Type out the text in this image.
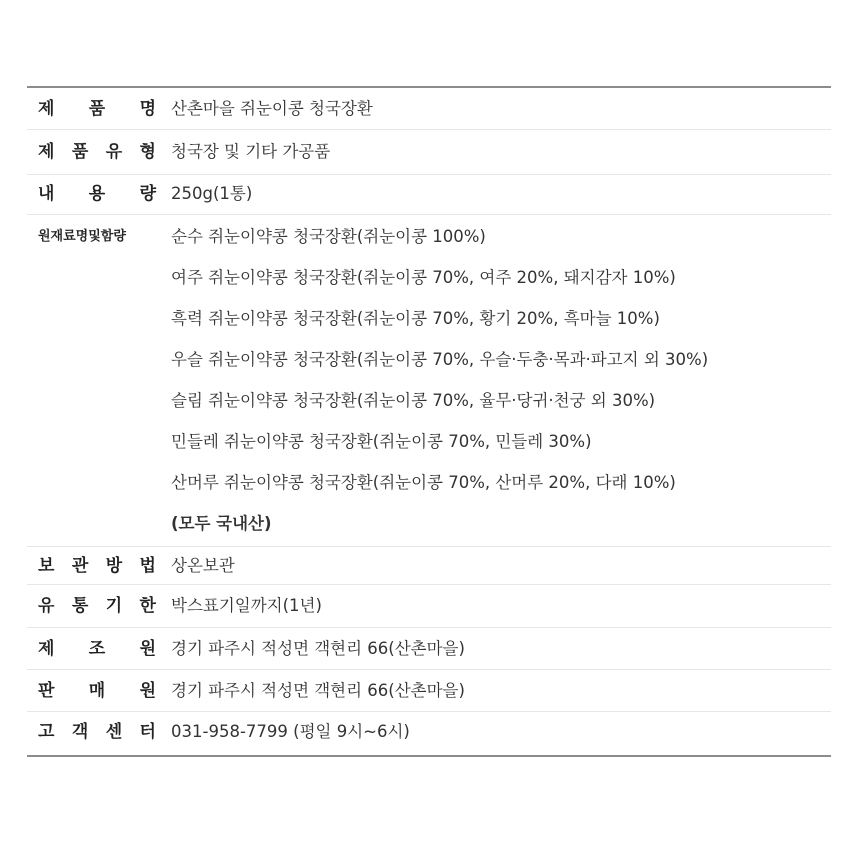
제 품 명 산촌마을 쥐눈이콩 청국장환
제 품 유 형 청국장 및 기타 가공품
내 용 량 250g(1통)
원재료명및함량	순수 쥐눈이약콩 청국장환(쥐눈이콩 100%)
여주 쥐눈이약콩 청국장환(쥐눈이콩 70%, 여주 20%, 돼지감자 10%)
흑력 쥐눈이약콩 청국장환(쥐눈이콩 70%, 황기 20%, 흑마늘 10%)
우슬 쥐눈이약콩 청국장환(쥐눈이콩 70%, 우슬·두충·목과·파고지 외 30%)
슬림 쥐눈이약콩 청국장환(쥐눈이콩 70%, 율무·당귀·천궁 외 30%)
민들레 쥐눈이약콩 청국장환(쥐눈이콩 70%, 민들레 30%)
산머루 쥐눈이약콩 청국장환(쥐눈이콩 70%, 산머루 20%, 다래 10%)
(모두 국내산)
보 관 방 법 상온보관
유 통 기 한 박스표기일까지(1년)
제 조 원 경기 파주시 적성면 객현리 66(산촌마을)
판 매 원 경기 파주시 적성면 객현리 66(산촌마을)
고 객 센 터 031-958-7799 (평일 9시~6시)
